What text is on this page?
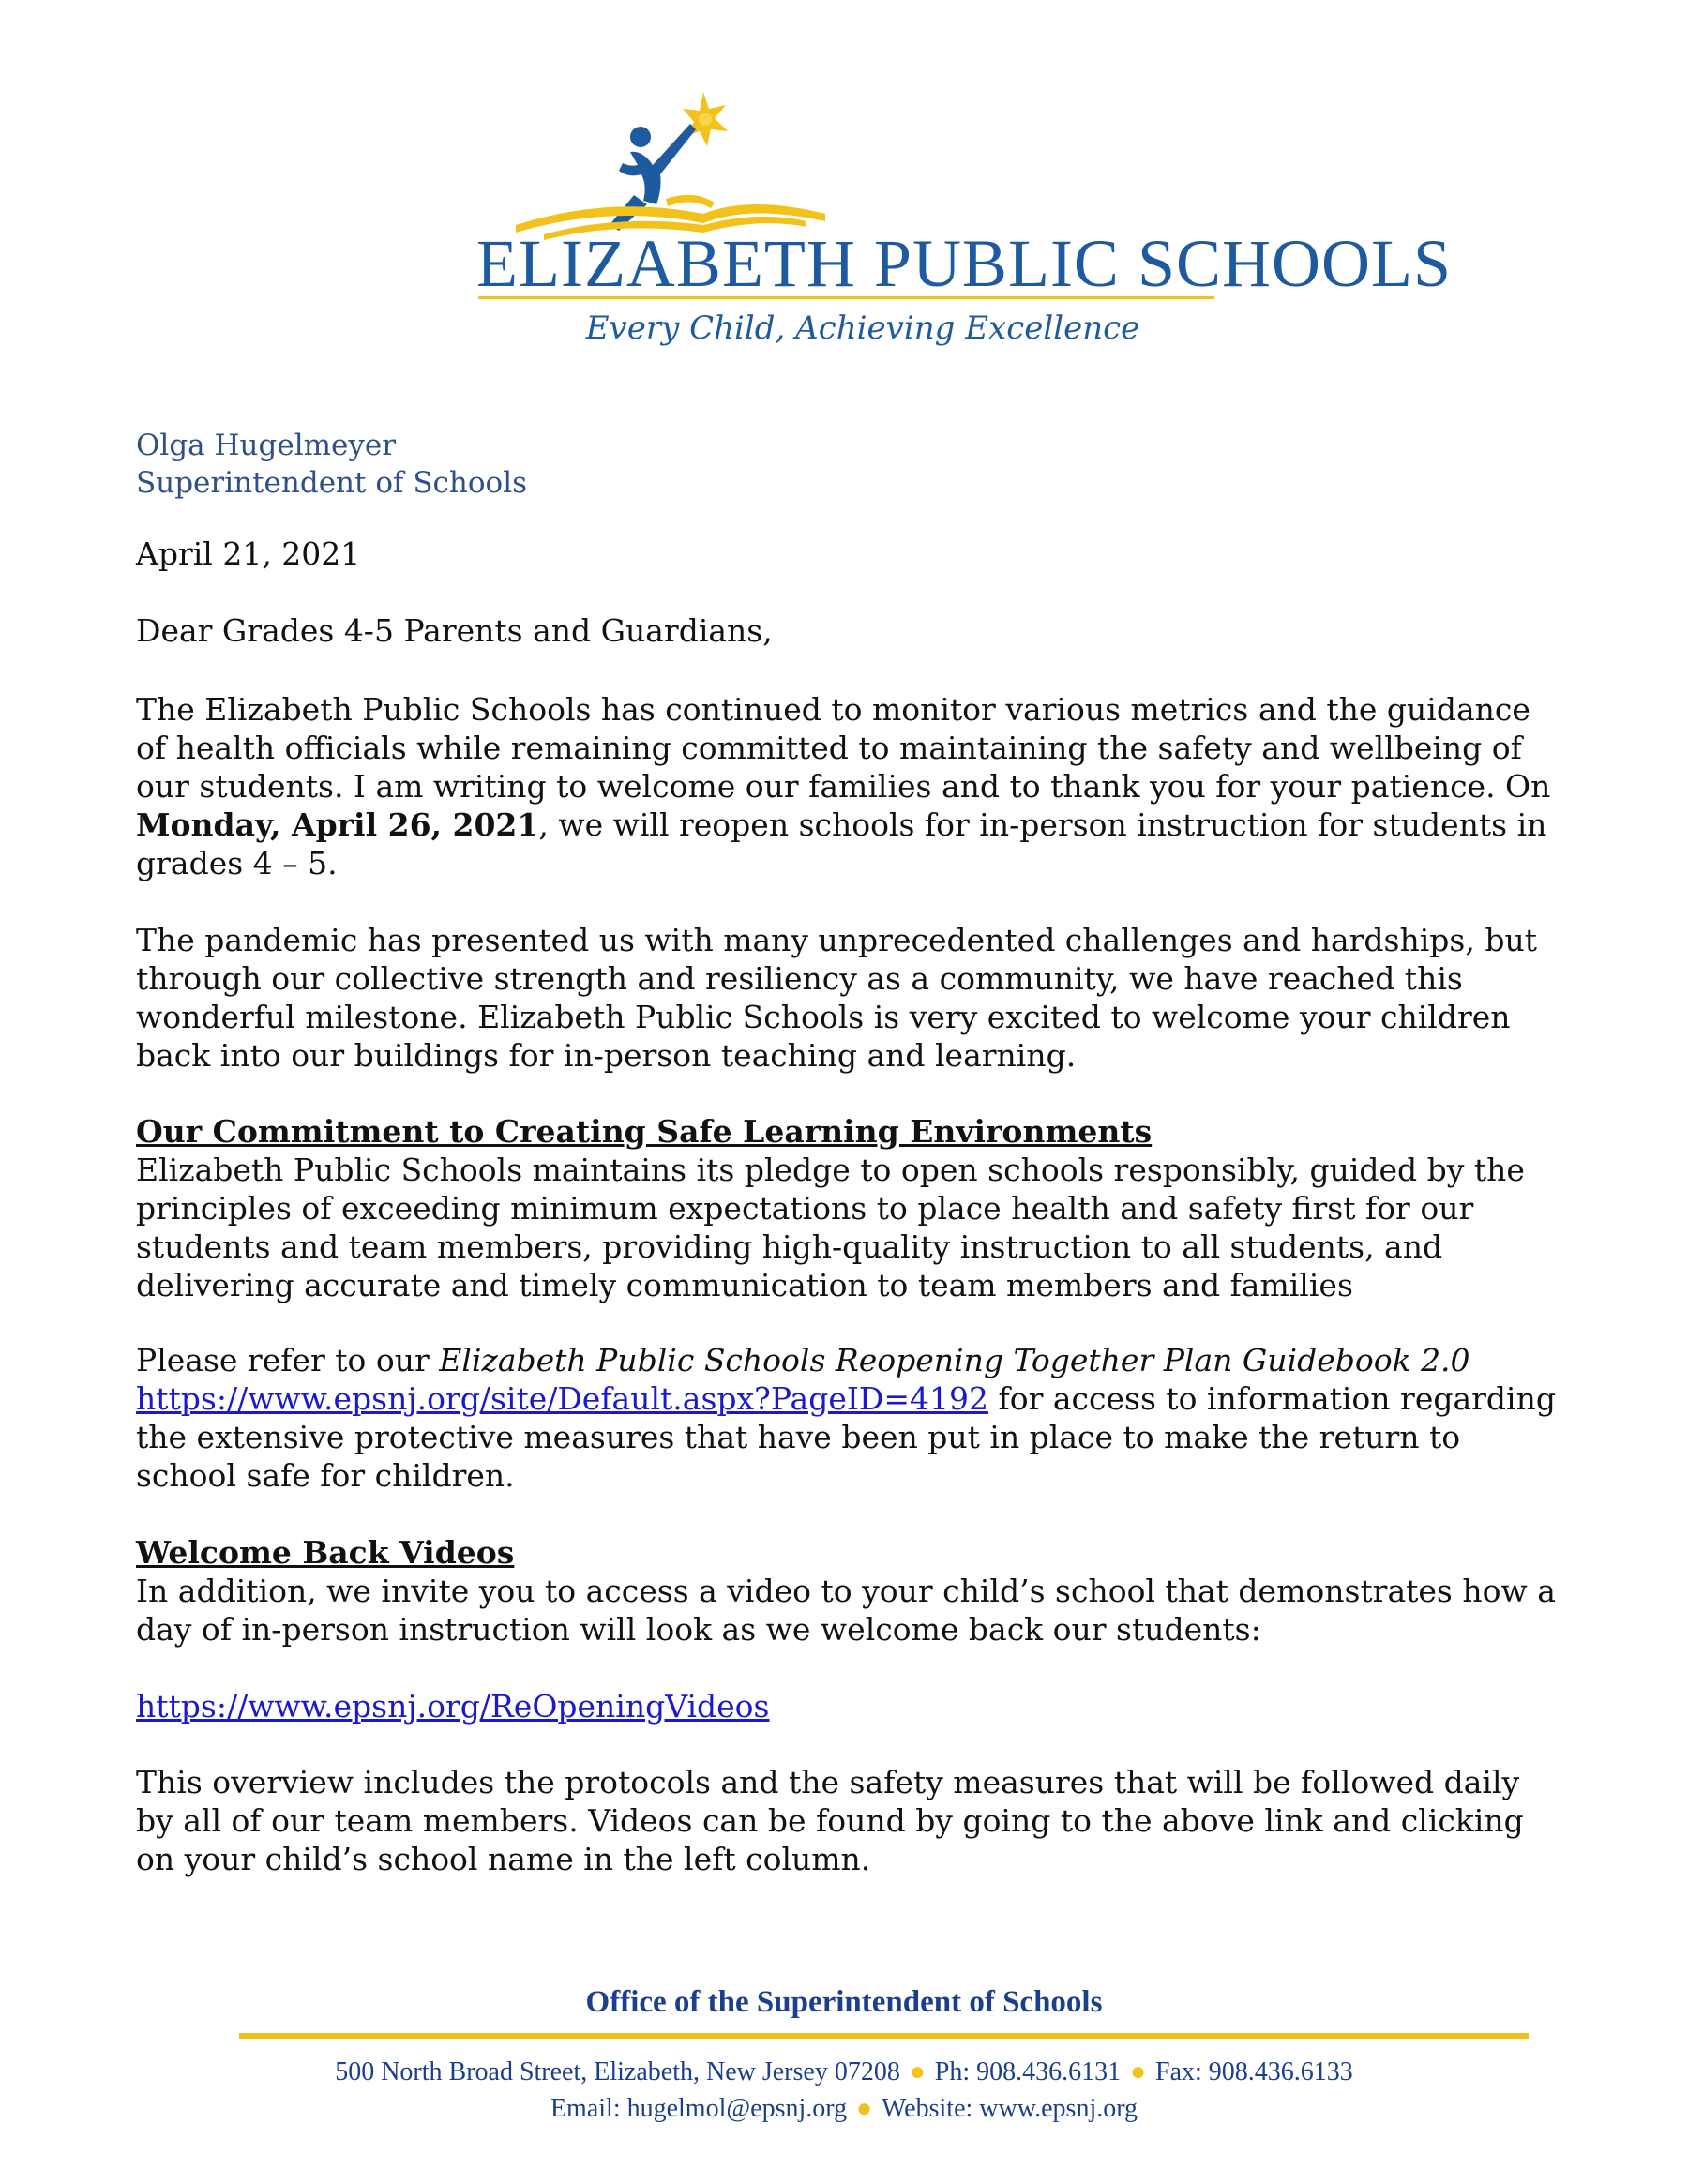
ELIZABETH PUBLIC SCHOOLS
Every Child, Achieving Excellence
Olga Hugelmeyer
Superintendent of Schools
April 21, 2021
Dear Grades 4-5 Parents and Guardians,

The Elizabeth Public Schools has continued to monitor various metrics and the guidance of health officials while remaining committed to maintaining the safety and wellbeing of our students. I am writing to welcome our families and to thank you for your patience. On Monday, April 26, 2021, we will reopen schools for in-person instruction for students in grades 4 – 5.

The pandemic has presented us with many unprecedented challenges and hardships, but through our collective strength and resiliency as a community, we have reached this wonderful milestone. Elizabeth Public Schools is very excited to welcome your children back into our buildings for in-person teaching and learning.

Our Commitment to Creating Safe Learning Environments

Elizabeth Public Schools maintains its pledge to open schools responsibly, guided by the principles of exceeding minimum expectations to place health and safety first for our students and team members, providing high-quality instruction to all students, and delivering accurate and timely communication to team members and families

Please refer to our Elizabeth Public Schools Reopening Together Plan Guidebook 2.0
https://www.epsnj.org/site/Default.aspx?PageID=4192 for access to information regarding the extensive protective measures that have been put in place to make the return to school safe for children.

Welcome Back Videos

In addition, we invite you to access a video to your child’s school that demonstrates how a day of in-person instruction will look as we welcome back our students:

https://www.epsnj.org/ReOpeningVideos

This overview includes the protocols and the safety measures that will be followed daily by all of our team members. Videos can be found by going to the above link and clicking on your child’s school name in the left column.

Office of the Superintendent of Schools
500 North Broad Street, Elizabeth, New Jersey 07208 ● Ph: 908.436.6131 ● Fax: 908.436.6133
Email: hugelmol@epsnj.org ● Website: www.epsnj.org
